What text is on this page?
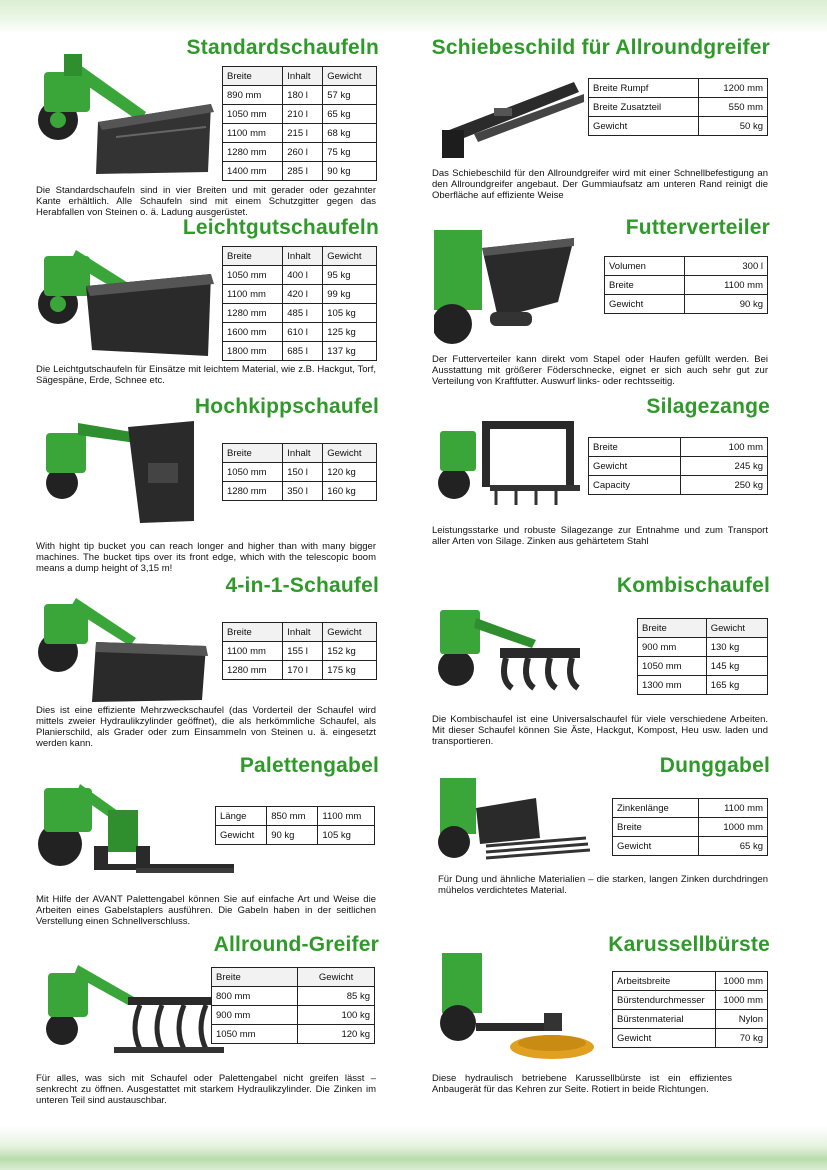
Standardschaufeln
Breite	Inhalt	Gewicht
890 mm	180 l	57 kg
1050 mm	210 l	65 kg
1100 mm	215 l	68 kg
1280 mm	260 l	75 kg
1400 mm	285 l	90 kg
Die Standardschaufeln sind in vier Breiten und mit gerader oder gezahnter Kante erhältlich. Alle Schaufeln sind mit einem Schutzgitter gegen das Herabfallen von Steinen o. ä. Ladung ausgerüstet.
Schiebeschild für Allroundgreifer
Breite Rumpf	1200 mm
Breite Zusatzteil	550 mm
Gewicht	50 kg
Das Schiebeschild für den Allroundgreifer wird mit einer Schnellbefestigung an den Allroundgreifer angebaut. Der Gummiaufsatz am unteren Rand reinigt die Oberfläche auf effiziente Weise
Leichtgutschaufeln
Breite	Inhalt	Gewicht
1050 mm	400 l	95 kg
1100 mm	420 l	99 kg
1280 mm	485 l	105 kg
1600 mm	610 l	125 kg
1800 mm	685 l	137 kg
Die Leichtgutschaufeln für Einsätze mit leichtem Material, wie z.B. Hackgut, Torf, Sägespäne, Erde, Schnee etc.
Futterverteiler
Volumen	300 l
Breite	1100 mm
Gewicht	90 kg
Der Futterverteiler kann direkt vom Stapel oder Haufen gefüllt werden. Bei Ausstattung mit größerer Föderschnecke, eignet er sich auch sehr gut zur Verteilung von Kraftfutter. Auswurf links- oder rechtsseitig.
Hochkippschaufel
Breite	Inhalt	Gewicht
1050 mm	150 l	120 kg
1280 mm	350 l	160 kg
With hight tip bucket you can reach longer and higher than with many bigger machines. The bucket tips over its front edge, which with the telescopic boom means a dump height of 3,15 m!
Silagezange
Breite	100 mm
Gewicht	245 kg
Capacity	250 kg
Leistungsstarke und robuste Silagezange zur Entnahme und zum Transport aller Arten von Silage. Zinken aus gehärtetem Stahl
4-in-1-Schaufel
Breite	Inhalt	Gewicht
1100 mm	155 l	152 kg
1280 mm	170 l	175 kg
Dies ist eine effiziente Mehrzweckschaufel (das Vorderteil der Schaufel wird mittels zweier Hydraulikzylinder geöffnet), die als herkömmliche Schaufel, als Planierschild, als Grader oder zum Einsammeln von Steinen u. ä. eingesetzt werden kann.
Kombischaufel
Breite	Gewicht
900 mm	130 kg
1050 mm	145 kg
1300 mm	165 kg
Die Kombischaufel ist eine Universalschaufel für viele verschiedene Arbeiten. Mit dieser Schaufel können Sie Äste, Hackgut, Kompost, Heu usw. laden und transportieren.
Palettengabel
Länge	850 mm	1100 mm
Gewicht	90 kg	105 kg
Mit Hilfe der AVANT Palettengabel können Sie auf einfache Art und Weise die Arbeiten eines Gabelstaplers ausführen. Die Gabeln haben in der seitlichen Verstellung einen Schnellverschluss.
Dunggabel
Zinkenlänge	1100 mm
Breite	1000 mm
Gewicht	65 kg
Für Dung und ähnliche Materialien – die starken, langen Zinken durchdringen mühelos verdichtetes Material.
Allround-Greifer
Breite	Gewicht
800 mm	85 kg
900 mm	100 kg
1050 mm	120 kg
Für alles, was sich mit Schaufel oder Palettengabel nicht greifen lässt – senkrecht zu öffnen. Ausgestattet mit starkem Hydraulikzylinder. Die Zinken im unteren Teil sind austauschbar.
Karussellbürste
Arbeitsbreite	1000 mm
Bürstendurchmesser	1000 mm
Bürstenmaterial	Nylon
Gewicht	70 kg
Diese hydraulisch betriebene Karussellbürste ist ein effizientes Anbaugerät für das Kehren zur Seite. Rotiert in beide Richtungen.
